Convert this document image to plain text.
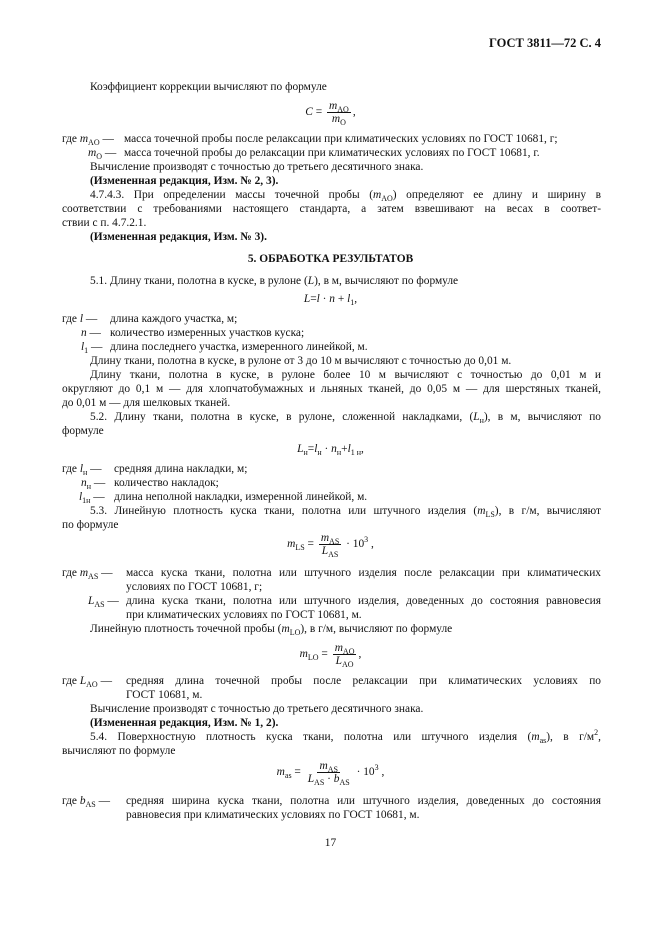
ГОСТ 3811—72 С. 4
Коэффициент коррекции вычисляют по формуле
$C = \frac{m_{AO}}{m_O}$ ,
где $m_{AO}$ — масса точечной пробы после релаксации при климатических условиях по ГОСТ 10681, г;
$m_O$ — масса точечной пробы до релаксации при климатических условиях по ГОСТ 10681, г.
Вычисление производят с точностью до третьего десятичного знака.
(Измененная редакция, Изм. № 2, 3).
4.7.4.3. При определении массы точечной пробы $(m_{AO})$ определяют ее длину и ширину в
соответствии с требованиями настоящего стандарта, а затем взвешивают на весах в соответ-
ствии с п. 4.7.2.1.
(Измененная редакция, Изм. № 3).
5. ОБРАБОТКА РЕЗУЛЬТАТОВ
5.1. Длину ткани, полотна в куске, в рулоне (L), в м, вычисляют по формуле
$L=l \cdot n + l_1$,
где l — длина каждого участка, м;
n — количество измеренных участков куска;
$l_1$ — длина последнего участка, измеренного линейкой, м.
Длину ткани, полотна в куске, в рулоне от 3 до 10 м вычисляют с точностью до 0,01 м.
Длину ткани, полотна в куске, в рулоне более 10 м вычисляют с точностью до 0,01 м и
округляют до 0,1 м — для хлопчатобумажных и льняных тканей, до 0,05 м — для шерстяных тканей,
до 0,01 м — для шелковых тканей.
5.2. Длину ткани, полотна в куске, в рулоне, сложенной накладками, $(L_н)$, в м, вычисляют по
формуле
$L_н=l_н \cdot n_н+l_{1 н}$,
где $l_н$ — средняя длина накладки, м;
$n_н$ — количество накладок;
$l_{1н}$ — длина неполной накладки, измеренной линейкой, м.
5.3. Линейную плотность куска ткани, полотна или штучного изделия $(m_{LS})$, в г/м, вычисляют
по формуле
$m_{LS} = \frac{m_{AS}}{L_{AS}} \cdot 10^3$ ,
где $m_{AS}$ — масса куска ткани, полотна или штучного изделия после релаксации при климатических
условиях по ГОСТ 10681, г;
$L_{AS}$ — длина куска ткани, полотна или штучного изделия, доведенных до состояния равновесия
при климатических условиях по ГОСТ 10681, м.
Линейную плотность точечной пробы $(m_{LO})$, в г/м, вычисляют по формуле
$m_{LO} = \frac{m_{AO}}{L_{AO}}$ ,
где $L_{AO}$ — средняя длина точечной пробы после релаксации при климатических условиях по
ГОСТ 10681, м.
Вычисление производят с точностью до третьего десятичного знака.
(Измененная редакция, Изм. № 1, 2).
5.4. Поверхностную плотность куска ткани, полотна или штучного изделия $(m_{as})$, в $г/м^2$,
вычисляют по формуле
$m_{as} = \frac{m_{AS}}{L_{AS} \cdot b_{AS}} \cdot 10^3$ ,
где $b_{AS}$ — средняя ширина куска ткани, полотна или штучного изделия, доведенных до состояния
равновесия при климатических условиях по ГОСТ 10681, м.
17
